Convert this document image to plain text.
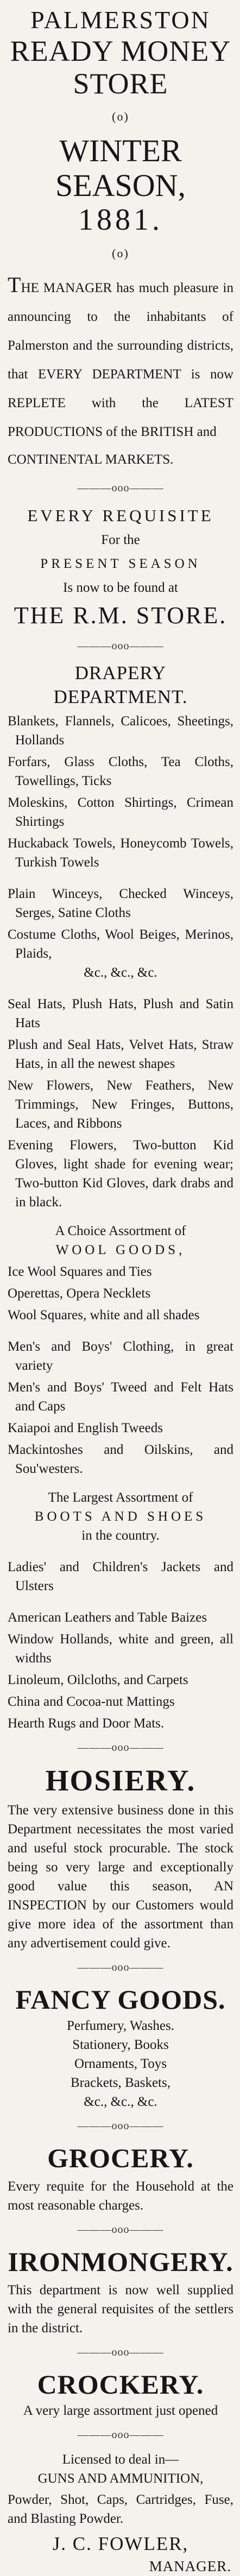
PALMERSTON
READY MONEY STORE
(o)
WINTER SEASON,
1881.
(o)
THE MANAGER has much pleasure in announcing to the inhabitants of Palmerston and the surrounding districts, that EVERY DEPARTMENT is now REPLETE with the LATEST PRODUCTIONS of the BRITISH and
CONTINENTAL MARKETS.
———ooo———
EVERY REQUISITE
For the
PRESENT SEASON
Is now to be found at
THE R.M. STORE.
———ooo———
DRAPERY DEPARTMENT.
Blankets, Flannels, Calicoes, Sheetings, Hollands
Forfars, Glass Cloths, Tea Cloths, Towellings, Ticks
Moleskins, Cotton Shirtings, Crimean Shirtings
Huckaback Towels, Honeycomb Towels, Turkish Towels
Plain Winceys, Checked Winceys, Serges, Satine Cloths
Costume Cloths, Wool Beiges, Merinos, Plaids,
&c., &c., &c.
Seal Hats, Plush Hats, Plush and Satin Hats
Plush and Seal Hats, Velvet Hats, Straw Hats, in all the newest shapes
New Flowers, New Feathers, New Trimmings, New Fringes, Buttons, Laces, and Ribbons
Evening Flowers, Two-button Kid Gloves, light shade for evening wear; Two-button Kid Gloves, dark drabs and in black.
A Choice Assortment of
WOOL GOODS,
Ice Wool Squares and Ties
Operettas, Opera Necklets
Wool Squares, white and all shades
Men's and Boys' Clothing, in great variety
Men's and Boys' Tweed and Felt Hats and Caps
Kaiapoi and English Tweeds
Mackintoshes and Oilskins, and Sou'westers.
The Largest Assortment of
BOOTS AND SHOES
in the country.
Ladies' and Children's Jackets and Ulsters
American Leathers and Table Baizes
Window Hollands, white and green, all widths
Linoleum, Oilcloths, and Carpets
China and Cocoa-nut Mattings
Hearth Rugs and Door Mats.
———ooo———
HOSIERY.
The very extensive business done in this Department necessitates the most varied and useful stock procurable. The stock being so very large and exceptionally good value this season, AN INSPECTION by our Customers would give more idea of the assortment than any advertisement could give.
———ooo———
FANCY GOODS.
Perfumery, Washes.
Stationery, Books
Ornaments, Toys
Brackets, Baskets,
&c., &c., &c.
———ooo———
GROCERY.
Every requite for the Household at the most reasonable charges.
———ooo———
IRONMONGERY.
This department is now well supplied with the general requisites of the settlers in the district.
———ooo———
CROCKERY.
A very large assortment just opened
———ooo———
Licensed to deal in—
GUNS AND AMMUNITION,
Powder, Shot, Caps, Cartridges, Fuse, and Blasting Powder.
J. C. FOWLER,
MANAGER.
